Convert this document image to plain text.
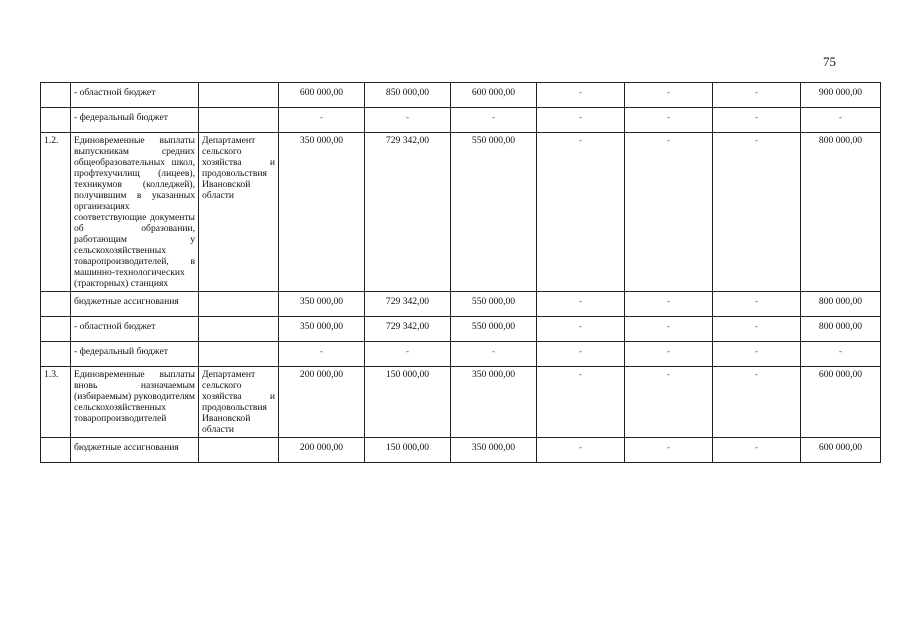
75
	- областной бюджет		600 000,00	850 000,00	600 000,00	-	-	-	900 000,00
	- федеральный бюджет		-	-	-	-	-	-	-
1.2.	Единовременные выплаты выпускникам средних общеобразовательных школ, профтехучилищ (лицеев), техникумов (колледжей), получившим в указанных организациях соответствующие документы об образовании, работающим у сельскохозяйственных товаропроизводителей, в машинно-технологических (тракторных) станциях	Департамент сельского хозяйства и продовольствия Ивановской области	350 000,00	729 342,00	550 000,00	-	-	-	800 000,00
	бюджетные ассигнования		350 000,00	729 342,00	550 000,00	-	-	-	800 000,00
	- областной бюджет		350 000,00	729 342,00	550 000,00	-	-	-	800 000,00
	- федеральный бюджет		-	-	-	-	-	-	-
1.3.	Единовременные выплаты вновь назначаемым (избираемым) руководителям сельскохозяйственных товаропроизводителей	Департамент сельского хозяйства и продовольствия Ивановской области	200 000,00	150 000,00	350 000,00	-	-	-	600 000,00
	бюджетные ассигнования		200 000,00	150 000,00	350 000,00	-	-	-	600 000,00
